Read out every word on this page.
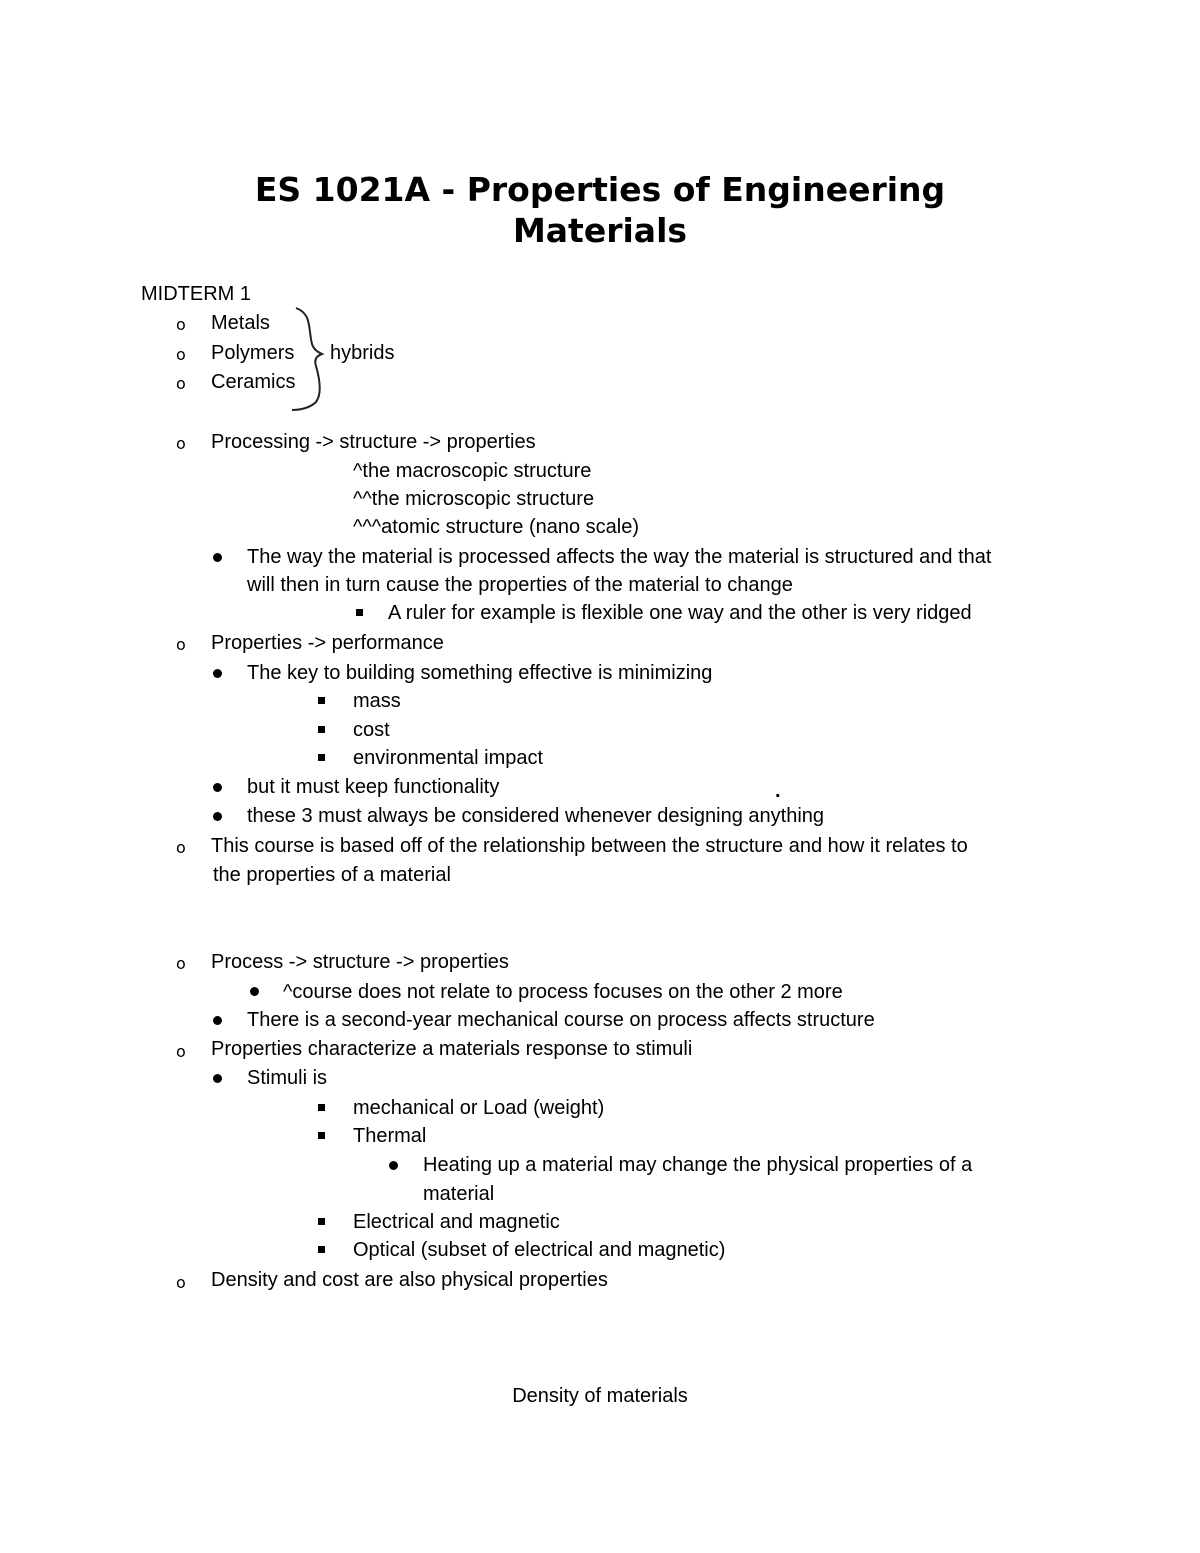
ES 1021A - Properties of Engineering
Materials
MIDTERM 1
o Metals
o Polymers
o Ceramics
hybrids
o Processing -> structure -> properties
^the macroscopic structure
^^the microscopic structure
^^^atomic structure (nano scale)
The way the material is processed affects the way the material is structured and that
will then in turn cause the properties of the material to change
A ruler for example is flexible one way and the other is very ridged
o Properties -> performance
The key to building something effective is minimizing
mass
cost
environmental impact
but it must keep functionality	.
these 3 must always be considered whenever designing anything
o This course is based off of the relationship between the structure and how it relates to
the properties of a material
o Process -> structure -> properties
^course does not relate to process focuses on the other 2 more
There is a second-year mechanical course on process affects structure
o Properties characterize a materials response to stimuli
Stimuli is
mechanical or Load (weight)
Thermal
Heating up a material may change the physical properties of a
material
Electrical and magnetic
Optical (subset of electrical and magnetic)
o Density and cost are also physical properties
Density of materials
